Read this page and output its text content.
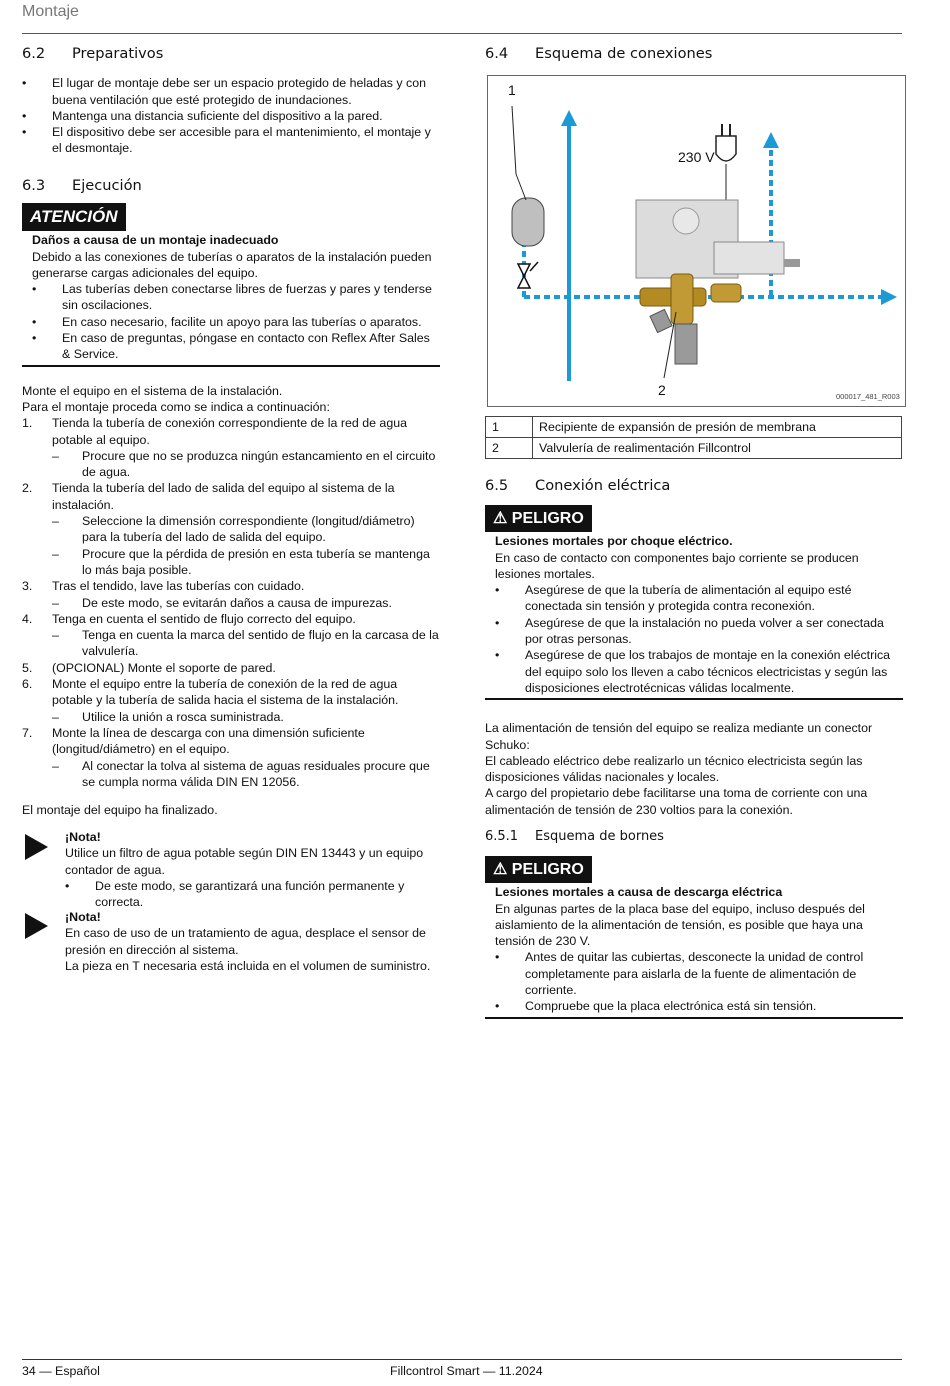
Montaje
34 — Español	Fillcontrol Smart — 11.2024
6.2 Preparativos
• El lugar de montaje debe ser un espacio protegido de heladas y con buena ventilación que esté protegido de inundaciones.
• Mantenga una distancia suficiente del dispositivo a la pared.
• El dispositivo debe ser accesible para el mantenimiento, el montaje y el desmontaje.
6.3 Ejecución
ATENCIÓN

Daños a causa de un montaje inadecuado

Debido a las conexiones de tuberías o aparatos de la instalación pueden generarse cargas adicionales del equipo.

• Las tuberías deben conectarse libres de fuerzas y pares y tenderse sin oscilaciones.
• En caso necesario, facilite un apoyo para las tuberías o aparatos.
• En caso de preguntas, póngase en contacto con Reflex After Sales & Service.

Monte el equipo en el sistema de la instalación.

Para el montaje proceda como se indica a continuación:

1. Tienda la tubería de conexión correspondiente de la red de agua potable al equipo.
– Procure que no se produzca ningún estancamiento en el circuito de agua.
2. Tienda la tubería del lado de salida del equipo al sistema de la instalación.
– Seleccione la dimensión correspondiente (longitud/diámetro) para la tubería del lado de salida del equipo.
– Procure que la pérdida de presión en esta tubería se mantenga lo más baja posible.
3. Tras el tendido, lave las tuberías con cuidado.
– De este modo, se evitarán daños a causa de impurezas.
4. Tenga en cuenta el sentido de flujo correcto del equipo.
– Tenga en cuenta la marca del sentido de flujo en la carcasa de la valvulería.
5. (OPCIONAL) Monte el soporte de pared.
6. Monte el equipo entre la tubería de conexión de la red de agua potable y la tubería de salida hacia el sistema de la instalación.
– Utilice la unión a rosca suministrada.
7. Monte la línea de descarga con una dimensión suficiente (longitud/diámetro) en el equipo.
– Al conectar la tolva al sistema de aguas residuales procure que se cumpla norma válida DIN EN 12056.

El montaje del equipo ha finalizado.

¡Nota!

Utilice un filtro de agua potable según DIN EN 13443 y un equipo contador de agua.

• De este modo, se garantizará una función permanente y correcta.

¡Nota!

En caso de uso de un tratamiento de agua, desplace el sensor de presión en dirección al sistema.

La pieza en T necesaria está incluida en el volumen de suministro.

6.4 Esquema de conexiones
1
2
230 V
000017_481_R003
1	Recipiente de expansión de presión de membrana
2	Valvulería de realimentación Fillcontrol
6.5 Conexión eléctrica
⚠ PELIGRO

Lesiones mortales por choque eléctrico.

En caso de contacto con componentes bajo corriente se producen lesiones mortales.

• Asegúrese de que la tubería de alimentación al equipo esté conectada sin tensión y protegida contra reconexión.
• Asegúrese de que la instalación no pueda volver a ser conectada por otras personas.
• Asegúrese de que los trabajos de montaje en la conexión eléctrica del equipo solo los lleven a cabo técnicos electricistas y según las disposiciones electrotécnicas válidas localmente.

La alimentación de tensión del equipo se realiza mediante un conector Schuko:

El cableado eléctrico debe realizarlo un técnico electricista según las disposiciones válidas nacionales y locales.

A cargo del propietario debe facilitarse una toma de corriente con una alimentación de tensión de 230 voltios para la conexión.

6.5.1 Esquema de bornes
⚠ PELIGRO

Lesiones mortales a causa de descarga eléctrica

En algunas partes de la placa base del equipo, incluso después del aislamiento de la alimentación de tensión, es posible que haya una tensión de 230 V.

• Antes de quitar las cubiertas, desconecte la unidad de control completamente para aislarla de la fuente de alimentación de corriente.
• Compruebe que la placa electrónica está sin tensión.
